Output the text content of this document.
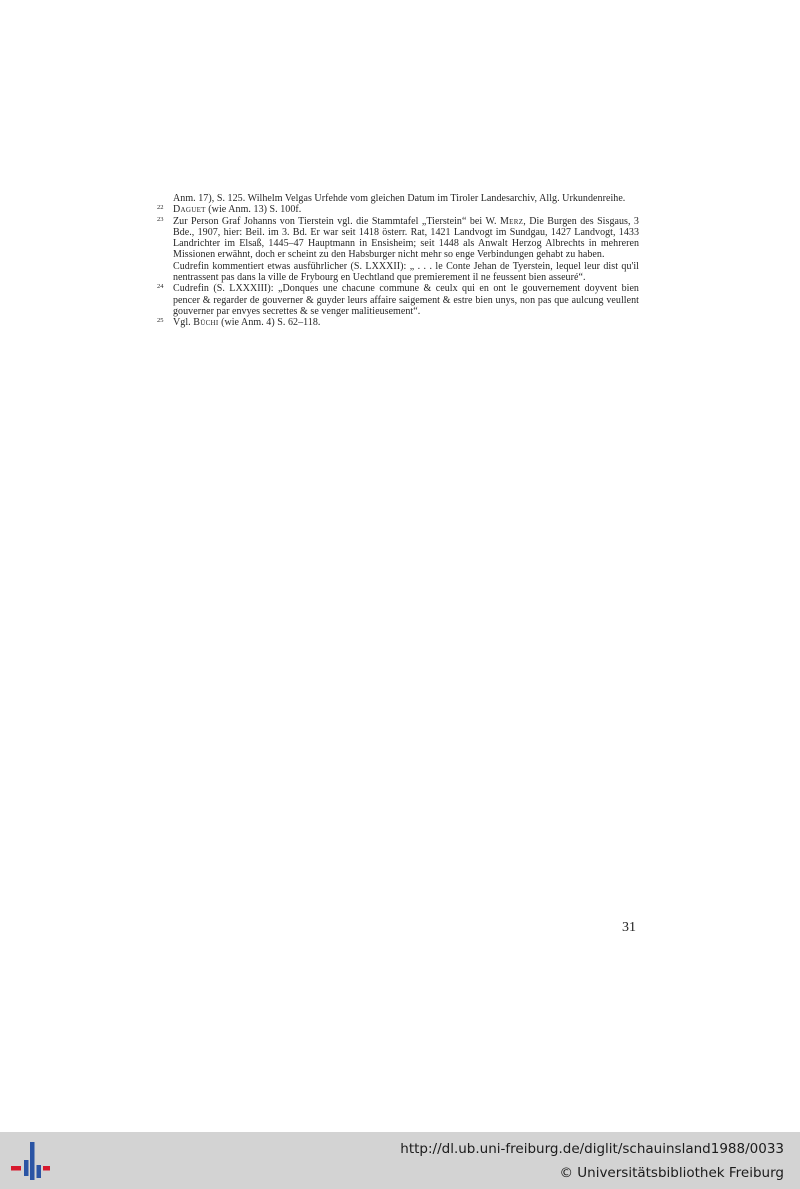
Anm. 17), S. 125. Wilhelm Velgas Urfehde vom gleichen Datum im Tiroler Landesarchiv, Allg. Urkundenreihe.
22 Daguet (wie Anm. 13) S. 100f.
23 Zur Person Graf Johanns von Tierstein vgl. die Stammtafel „Tierstein“ bei W. Merz, Die Burgen des Sisgaus, 3 Bde., 1907, hier: Beil. im 3. Bd. Er war seit 1418 österr. Rat, 1421 Landvogt im Sundgau, 1427 Landvogt, 1433 Landrichter im Elsaß, 1445–47 Hauptmann in Ensisheim; seit 1448 als Anwalt Herzog Albrechts in mehreren Missionen erwähnt, doch er scheint zu den Habsburger nicht mehr so enge Verbindungen gehabt zu haben.
Cudrefin kommentiert etwas ausführlicher (S. LXXXII): „ . . . le Conte Jehan de Tyerstein, lequel leur dist qu'il nentrassent pas dans la ville de Frybourg en Uechtland que premierement il ne feussent bien asseuré“.
24 Cudrefin (S. LXXXIII): „Donques une chacune commune & ceulx qui en ont le gouvernement doyvent bien pencer & regarder de gouverner & guyder leurs affaire saigement & estre bien unys, non pas que aulcung veullent gouverner par envyes secrettes & se venger malitieusement“.
25 Vgl. Büchi (wie Anm. 4) S. 62–118.
31
http://dl.ub.uni-freiburg.de/diglit/schauinsland1988/0033
© Universitätsbibliothek Freiburg
